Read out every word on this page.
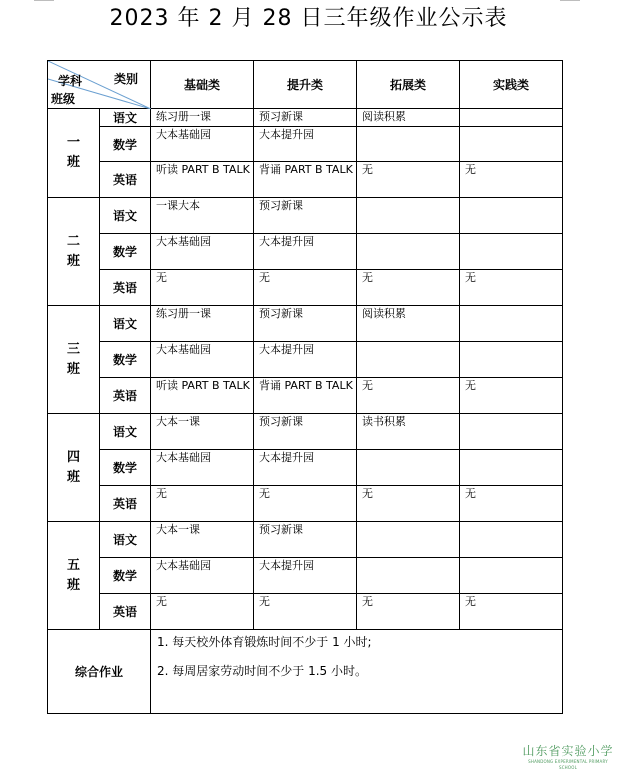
2023 年 2 月 28 日三年级作业公示表
类别
学科
班级		基础类	提升类	拓展类	实践类
一
班	语文	练习册一课	预习新课	阅读积累	

	数学	大本基础园	大本提升园		

	英语	听读 PART B TALK	背诵 PART B TALK	无	无

二
班	语文	一课大本	预习新课		

	数学	大本基础园	大本提升园		

	英语	无	无	无	无

三
班	语文	练习册一课	预习新课	阅读积累	

	数学	大本基础园	大本提升园		

	英语	听读 PART B TALK	背诵 PART B TALK	无	无

四
班	语文	大本一课	预习新课	读书积累	

	数学	大本基础园	大本提升园		

	英语	无	无	无	无

五
班	语文	大本一课	预习新课		

	数学	大本基础园	大本提升园		

	英语	无	无	无	无

综合作业		1. 每天校外体育锻炼时间不少于 1 小时;
2. 每周居家劳动时间不少于 1.5 小时。			
山东省实验小学
SHANDONG EXPERIMENTAL PRIMARY SCHOOL
